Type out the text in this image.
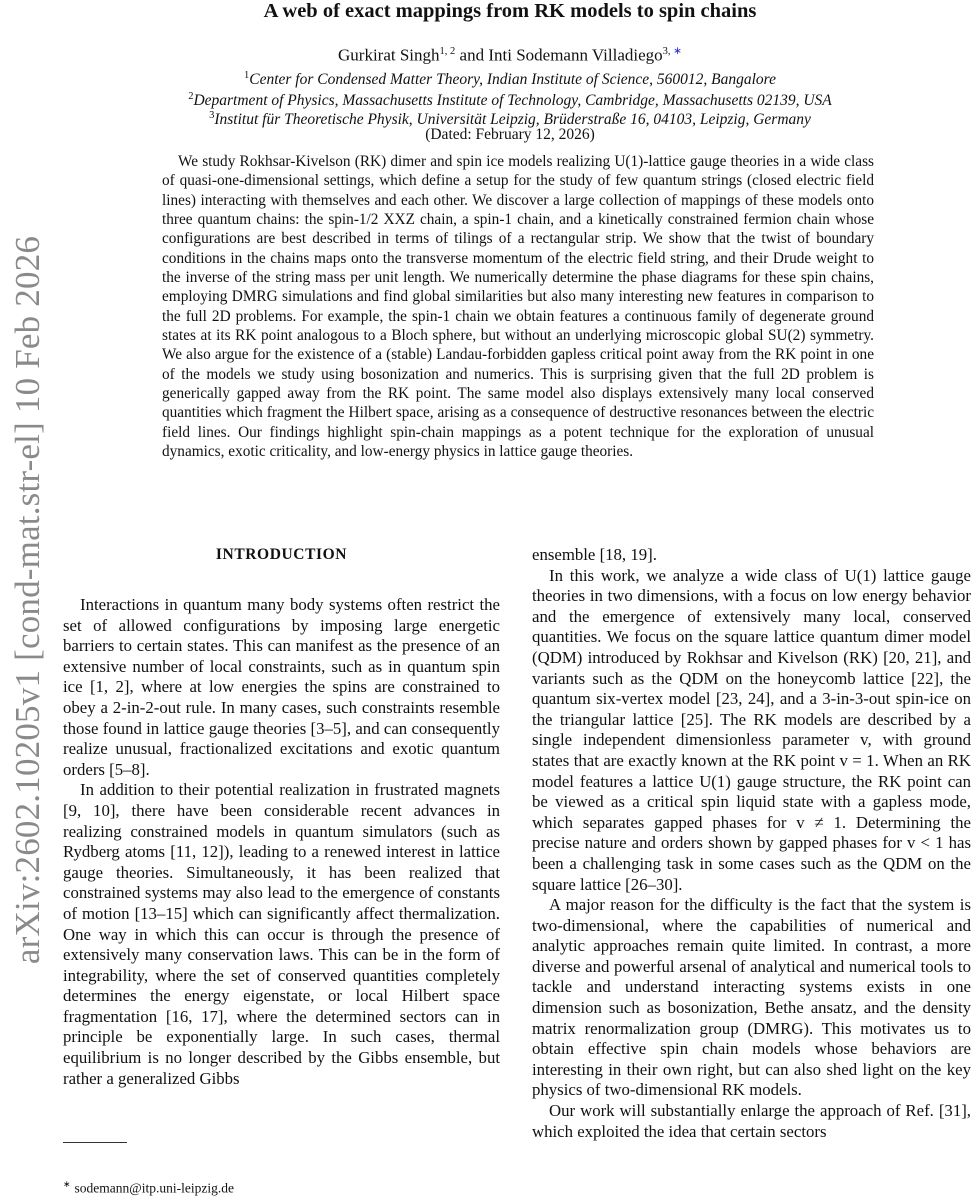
arXiv:2602.10205v1 [cond-mat.str-el] 10 Feb 2026
A web of exact mappings from RK models to spin chains
Gurkirat Singh$^{1, 2}$ and Inti Sodemann Villadiego$^{3, ∗}$
$^1$Center for Condensed Matter Theory, Indian Institute of Science, 560012, Bangalore
$^2$Department of Physics, Massachusetts Institute of Technology, Cambridge, Massachusetts 02139, USA
$^3$Institut für Theoretische Physik, Universität Leipzig, Brüderstraße 16, 04103, Leipzig, Germany
(Dated: February 12, 2026)

We study Rokhsar-Kivelson (RK) dimer and spin ice models realizing U(1)-lattice gauge theories in a wide class of quasi-one-dimensional settings, which define a setup for the study of few quantum strings (closed electric field lines) interacting with themselves and each other. We discover a large collection of mappings of these models onto three quantum chains: the spin-1/2 XXZ chain, a spin-1 chain, and a kinetically constrained fermion chain whose configurations are best described in terms of tilings of a rectangular strip. We show that the twist of boundary conditions in the chains maps onto the transverse momentum of the electric field string, and their Drude weight to the inverse of the string mass per unit length. We numerically determine the phase diagrams for these spin chains, employing DMRG simulations and find global similarities but also many interesting new features in comparison to the full 2D problems. For example, the spin-1 chain we obtain features a continuous family of degenerate ground states at its RK point analogous to a Bloch sphere, but without an underlying microscopic global SU(2) symmetry. We also argue for the existence of a (stable) Landau-forbidden gapless critical point away from the RK point in one of the models we study using bosonization and numerics. This is surprising given that the full 2D problem is generically gapped away from the RK point. The same model also displays extensively many local conserved quantities which fragment the Hilbert space, arising as a consequence of destructive resonances between the electric field lines. Our findings highlight spin-chain mappings as a potent technique for the exploration of unusual dynamics, exotic criticality, and low-energy physics in lattice gauge theories.

INTRODUCTION

Interactions in quantum many body systems often restrict the set of allowed configurations by imposing large energetic barriers to certain states. This can manifest as the presence of an extensive number of local constraints, such as in quantum spin ice [1, 2], where at low energies the spins are constrained to obey a 2-in-2-out rule. In many cases, such constraints resemble those found in lattice gauge theories [3–5], and can consequently realize unusual, fractionalized excitations and exotic quantum orders [5–8].

In addition to their potential realization in frustrated magnets [9, 10], there have been considerable recent advances in realizing constrained models in quantum simulators (such as Rydberg atoms [11, 12]), leading to a renewed interest in lattice gauge theories. Simultaneously, it has been realized that constrained systems may also lead to the emergence of constants of motion [13–15] which can significantly affect thermalization. One way in which this can occur is through the presence of extensively many conservation laws. This can be in the form of integrability, where the set of conserved quantities completely determines the energy eigenstate, or local Hilbert space fragmentation [16, 17], where the determined sectors can in principle be exponentially large. In such cases, thermal equilibrium is no longer described by the Gibbs ensemble, but rather a generalized Gibbs

ensemble [18, 19].

In this work, we analyze a wide class of U(1) lattice gauge theories in two dimensions, with a focus on low energy behavior and the emergence of extensively many local, conserved quantities. We focus on the square lattice quantum dimer model (QDM) introduced by Rokhsar and Kivelson (RK) [20, 21], and variants such as the QDM on the honeycomb lattice [22], the quantum six-vertex model [23, 24], and a 3-in-3-out spin-ice on the triangular lattice [25]. The RK models are described by a single independent dimensionless parameter v, with ground states that are exactly known at the RK point v = 1. When an RK model features a lattice U(1) gauge structure, the RK point can be viewed as a critical spin liquid state with a gapless mode, which separates gapped phases for v ≠ 1. Determining the precise nature and orders shown by gapped phases for v < 1 has been a challenging task in some cases such as the QDM on the square lattice [26–30].

A major reason for the difficulty is the fact that the system is two-dimensional, where the capabilities of numerical and analytic approaches remain quite limited. In contrast, a more diverse and powerful arsenal of analytical and numerical tools to tackle and understand interacting systems exists in one dimension such as bosonization, Bethe ansatz, and the density matrix renormalization group (DMRG). This motivates us to obtain effective spin chain models whose behaviors are interesting in their own right, but can also shed light on the key physics of two-dimensional RK models.

Our work will substantially enlarge the approach of Ref. [31], which exploited the idea that certain sectors

∗ sodemann@itp.uni-leipzig.de
